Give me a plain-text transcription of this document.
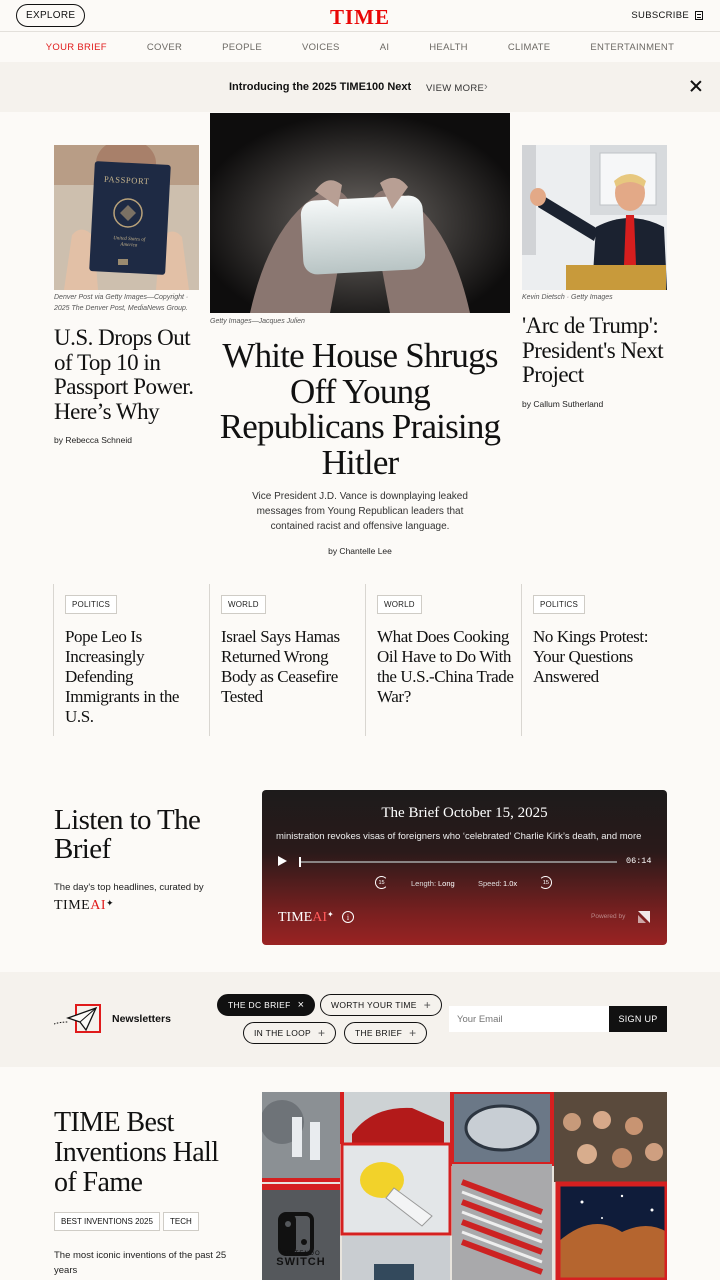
EXPLORE	TIME	SUBSCRIBE
YOUR BRIEF	COVER	PEOPLE	VOICES	AI	HEALTH	CLIMATE	ENTERTAINMENT
Introducing the 2025 TIME100 Next VIEW MORE ›
PASSPORT
United States of America
Denver Post via Getty Images—Copyright · 2025 The Denver Post, MediaNews Group.
U.S. Drops Out of Top 10 in Passport Power. Here’s Why
by Rebecca Schneid
Getty Images—Jacques Julien
White House Shrugs Off Young Republicans Praising Hitler
Vice President J.D. Vance is downplaying leaked messages from Young Republican leaders that contained racist and offensive language.
by Chantelle Lee
Kevin Dietsch · Getty Images
'Arc de Trump': President's Next Project
by Callum Sutherland
POLITICS
Pope Leo Is Increasingly Defending Immigrants in the U.S.
WORLD
Israel Says Hamas Returned Wrong Body as Ceasefire Tested
WORLD
What Does Cooking Oil Have to Do With the U.S.-China Trade War?
POLITICS
No Kings Protest: Your Questions Answered
Listen to The Brief
The day's top headlines, curated by
TIMEAI✦
The Brief October 15, 2025
ministration revokes visas of foreigners who ‘celebrated’ Charlie Kirk’s death, and more
06:14
15	Length: Long	Speed: 1.0x	15
TIMEAI✦	i	Powered by
Newsletters
THE DC BRIEF ×	WORTH YOUR TIME +
IN THE LOOP +	THE BRIEF +
Your Email
SIGN UP
TIME Best Inventions Hall of Fame
BEST INVENTIONS 2025	TECH
The most iconic inventions of the past 25 years
NINTENDO
SWITCH
